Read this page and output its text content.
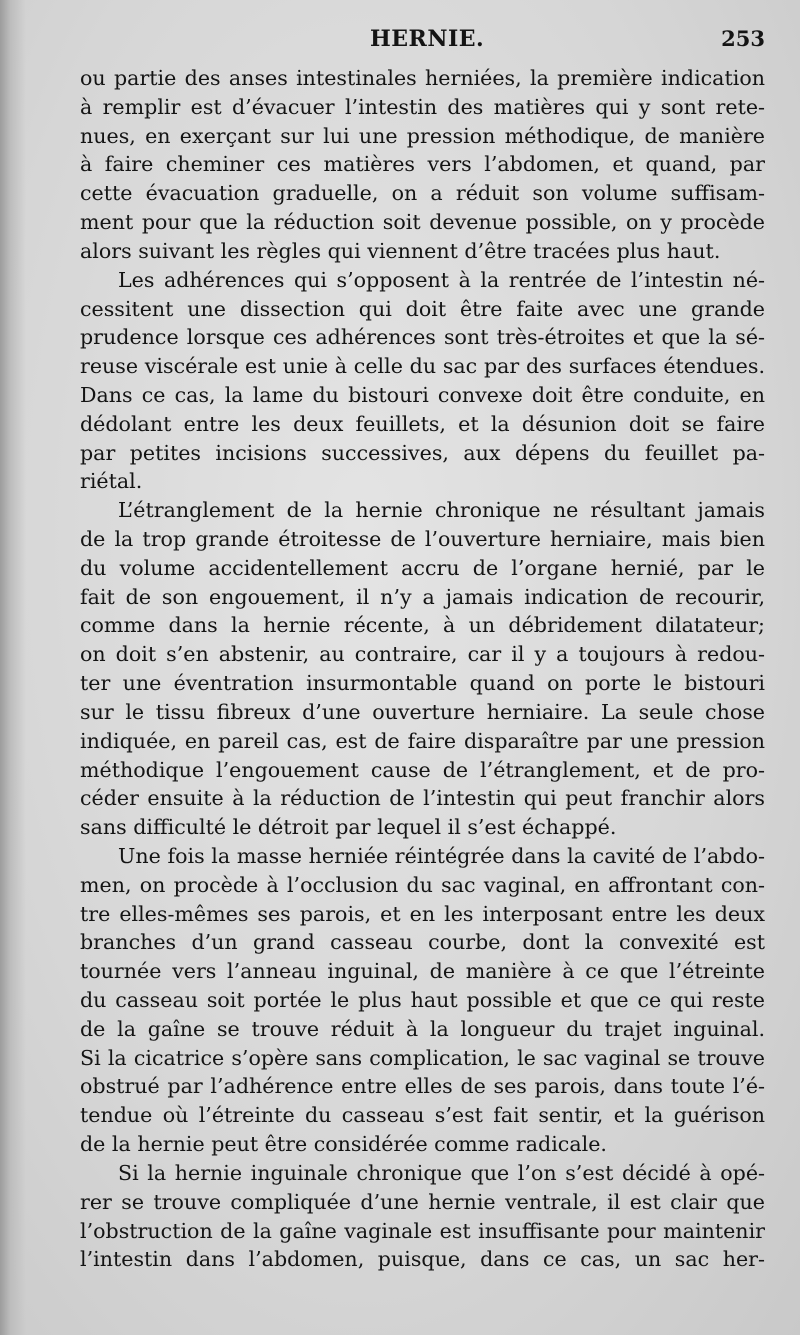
HERNIE.	253
ou partie des anses intestinales herniées, la première indication
à remplir est d’évacuer l’intestin des matières qui y sont rete-
nues, en exerçant sur lui une pression méthodique, de manière
à faire cheminer ces matières vers l’abdomen, et quand, par
cette évacuation graduelle, on a réduit son volume suffisam-
ment pour que la réduction soit devenue possible, on y procède
alors suivant les règles qui viennent d’être tracées plus haut.
Les adhérences qui s’opposent à la rentrée de l’intestin né-
cessitent une dissection qui doit être faite avec une grande
prudence lorsque ces adhérences sont très-étroites et que la sé-
reuse viscérale est unie à celle du sac par des surfaces étendues.
Dans ce cas, la lame du bistouri convexe doit être conduite, en
dédolant entre les deux feuillets, et la désunion doit se faire
par petites incisions successives, aux dépens du feuillet pa-
riétal.
L’étranglement de la hernie chronique ne résultant jamais
de la trop grande étroitesse de l’ouverture herniaire, mais bien
du volume accidentellement accru de l’organe hernié, par le
fait de son engouement, il n’y a jamais indication de recourir,
comme dans la hernie récente, à un débridement dilatateur;
on doit s’en abstenir, au contraire, car il y a toujours à redou-
ter une éventration insurmontable quand on porte le bistouri
sur le tissu fibreux d’une ouverture herniaire. La seule chose
indiquée, en pareil cas, est de faire disparaître par une pression
méthodique l’engouement cause de l’étranglement, et de pro-
céder ensuite à la réduction de l’intestin qui peut franchir alors
sans difficulté le détroit par lequel il s’est échappé.
Une fois la masse herniée réintégrée dans la cavité de l’abdo-
men, on procède à l’occlusion du sac vaginal, en affrontant con-
tre elles-mêmes ses parois, et en les interposant entre les deux
branches d’un grand casseau courbe, dont la convexité est
tournée vers l’anneau inguinal, de manière à ce que l’étreinte
du casseau soit portée le plus haut possible et que ce qui reste
de la gaîne se trouve réduit à la longueur du trajet inguinal.
Si la cicatrice s’opère sans complication, le sac vaginal se trouve
obstrué par l’adhérence entre elles de ses parois, dans toute l’é-
tendue où l’étreinte du casseau s’est fait sentir, et la guérison
de la hernie peut être considérée comme radicale.
Si la hernie inguinale chronique que l’on s’est décidé à opé-
rer se trouve compliquée d’une hernie ventrale, il est clair que
l’obstruction de la gaîne vaginale est insuffisante pour maintenir
l’intestin dans l’abdomen, puisque, dans ce cas, un sac her-
